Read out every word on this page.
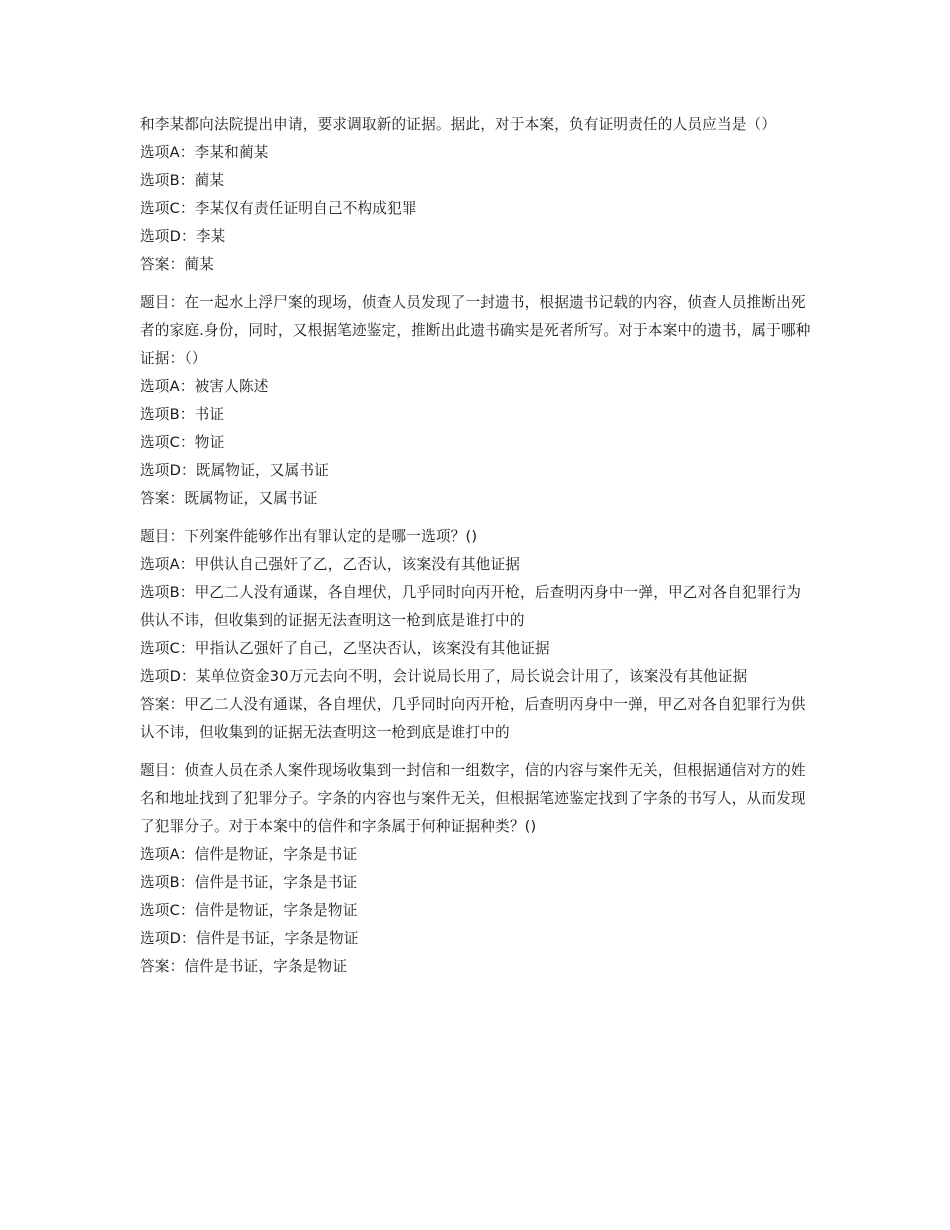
和李某都向法院提出申请，要求调取新的证据。据此，对于本案，负有证明责任的人员应当是（）
选项A：李某和蔺某
选项B：蔺某
选项C：李某仅有责任证明自己不构成犯罪
选项D：李某
答案：蔺某
题目：在一起水上浮尸案的现场，侦查人员发现了一封遗书，根据遗书记载的内容，侦查人员推断出死者的家庭.身份，同时，又根据笔迹鉴定，推断出此遗书确实是死者所写。对于本案中的遗书，属于哪种证据：（）
选项A：被害人陈述
选项B：书证
选项C：物证
选项D：既属物证，又属书证
答案：既属物证，又属书证
题目：下列案件能够作出有罪认定的是哪一选项？()
选项A：甲供认自己强奸了乙，乙否认，该案没有其他证据
选项B：甲乙二人没有通谋，各自埋伏，几乎同时向丙开枪，后查明丙身中一弹，甲乙对各自犯罪行为供认不讳，但收集到的证据无法查明这一枪到底是谁打中的
选项C：甲指认乙强奸了自己，乙坚决否认，该案没有其他证据
选项D：某单位资金30万元去向不明，会计说局长用了，局长说会计用了，该案没有其他证据
答案：甲乙二人没有通谋，各自埋伏，几乎同时向丙开枪，后查明丙身中一弹，甲乙对各自犯罪行为供认不讳，但收集到的证据无法查明这一枪到底是谁打中的
题目：侦查人员在杀人案件现场收集到一封信和一组数字，信的内容与案件无关，但根据通信对方的姓名和地址找到了犯罪分子。字条的内容也与案件无关，但根据笔迹鉴定找到了字条的书写人，从而发现了犯罪分子。对于本案中的信件和字条属于何种证据种类？()
选项A：信件是物证，字条是书证
选项B：信件是书证，字条是书证
选项C：信件是物证，字条是物证
选项D：信件是书证，字条是物证
答案：信件是书证，字条是物证
